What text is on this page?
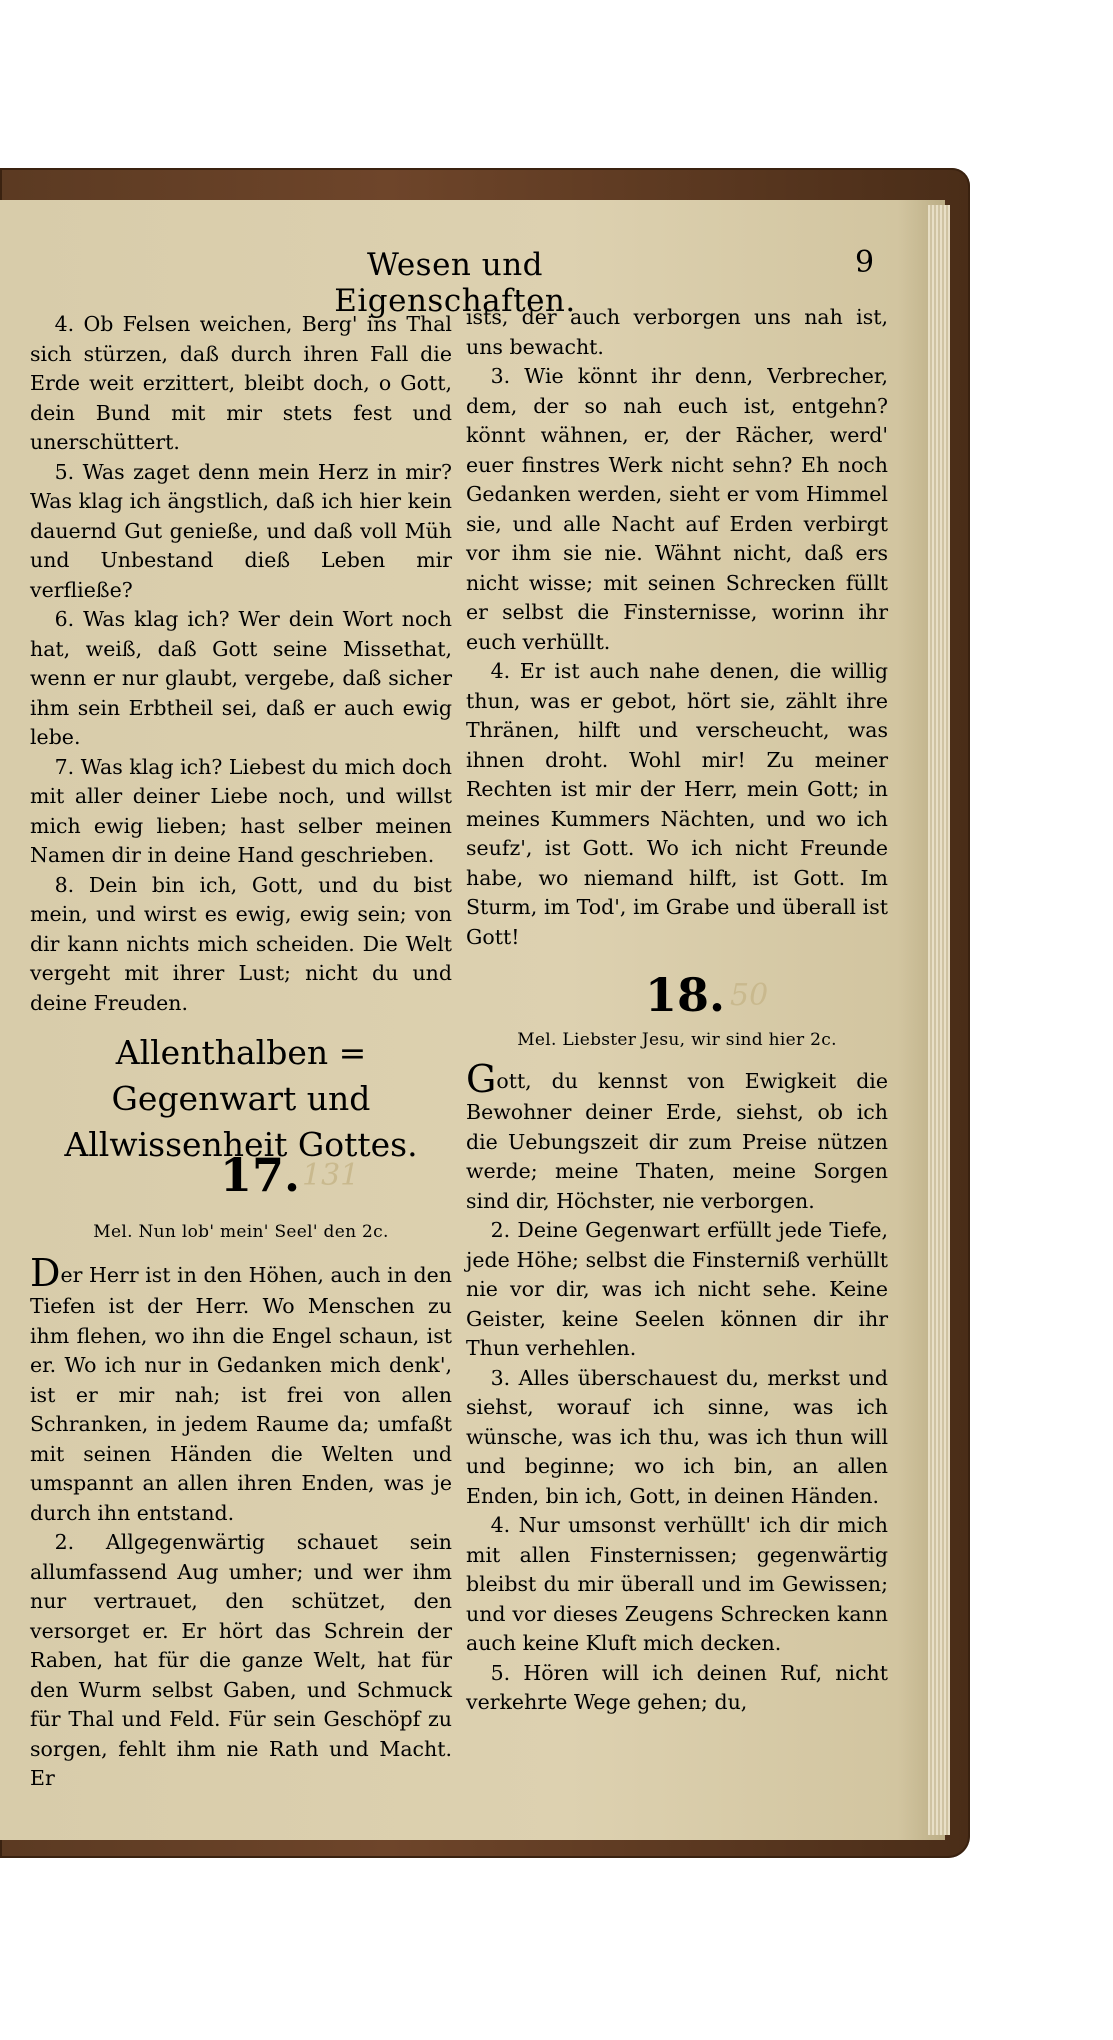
Wesen und Eigenschaften.
9

4. Ob Felsen weichen, Berg' ins Thal sich stürzen, daß durch ihren Fall die Erde weit erzittert, bleibt doch, o Gott, dein Bund mit mir stets fest und unerschüttert.

5. Was zaget denn mein Herz in mir? Was klag ich ängstlich, daß ich hier kein dauernd Gut genieße, und daß voll Müh und Unbestand dieß Leben mir verfließe?

6. Was klag ich? Wer dein Wort noch hat, weiß, daß Gott seine Missethat, wenn er nur glaubt, vergebe, daß sicher ihm sein Erbtheil sei, daß er auch ewig lebe.

7. Was klag ich? Liebest du mich doch mit aller deiner Liebe noch, und willst mich ewig lieben; hast selber meinen Namen dir in deine Hand geschrieben.

8. Dein bin ich, Gott, und du bist mein, und wirst es ewig, ewig sein; von dir kann nichts mich scheiden. Die Welt vergeht mit ihrer Lust; nicht du und deine Freuden.

Allenthalben = Gegenwart und Allwissenheit Gottes.
17. 131
Mel. Nun lob' mein' Seel' den 2c.

Der Herr ist in den Höhen, auch in den Tiefen ist der Herr. Wo Menschen zu ihm flehen, wo ihn die Engel schaun, ist er. Wo ich nur in Gedanken mich denk', ist er mir nah; ist frei von allen Schranken, in jedem Raume da; umfaßt mit seinen Händen die Welten und umspannt an allen ihren Enden, was je durch ihn entstand.

2. Allgegenwärtig schauet sein allumfassend Aug umher; und wer ihm nur vertrauet, den schützet, den versorget er. Er hört das Schrein der Raben, hat für die ganze Welt, hat für den Wurm selbst Gaben, und Schmuck für Thal und Feld. Für sein Geschöpf zu sorgen, fehlt ihm nie Rath und Macht. Er

ists, der auch verborgen uns nah ist, uns bewacht.

3. Wie könnt ihr denn, Verbrecher, dem, der so nah euch ist, entgehn? könnt wähnen, er, der Rächer, werd' euer finstres Werk nicht sehn? Eh noch Gedanken werden, sieht er vom Himmel sie, und alle Nacht auf Erden verbirgt vor ihm sie nie. Wähnt nicht, daß ers nicht wisse; mit seinen Schrecken füllt er selbst die Finsternisse, worinn ihr euch verhüllt.

4. Er ist auch nahe denen, die willig thun, was er gebot, hört sie, zählt ihre Thränen, hilft und verscheucht, was ihnen droht. Wohl mir! Zu meiner Rechten ist mir der Herr, mein Gott; in meines Kummers Nächten, und wo ich seufz', ist Gott. Wo ich nicht Freunde habe, wo niemand hilft, ist Gott. Im Sturm, im Tod', im Grabe und überall ist Gott!

18. 50
Mel. Liebster Jesu, wir sind hier 2c.

Gott, du kennst von Ewigkeit die Bewohner deiner Erde, siehst, ob ich die Uebungszeit dir zum Preise nützen werde; meine Thaten, meine Sorgen sind dir, Höchster, nie verborgen.

2. Deine Gegenwart erfüllt jede Tiefe, jede Höhe; selbst die Finsterniß verhüllt nie vor dir, was ich nicht sehe. Keine Geister, keine Seelen können dir ihr Thun verhehlen.

3. Alles überschauest du, merkst und siehst, worauf ich sinne, was ich wünsche, was ich thu, was ich thun will und beginne; wo ich bin, an allen Enden, bin ich, Gott, in deinen Händen.

4. Nur umsonst verhüllt' ich dir mich mit allen Finsternissen; gegenwärtig bleibst du mir überall und im Gewissen; und vor dieses Zeugens Schrecken kann auch keine Kluft mich decken.

5. Hören will ich deinen Ruf, nicht verkehrte Wege gehen; du,
